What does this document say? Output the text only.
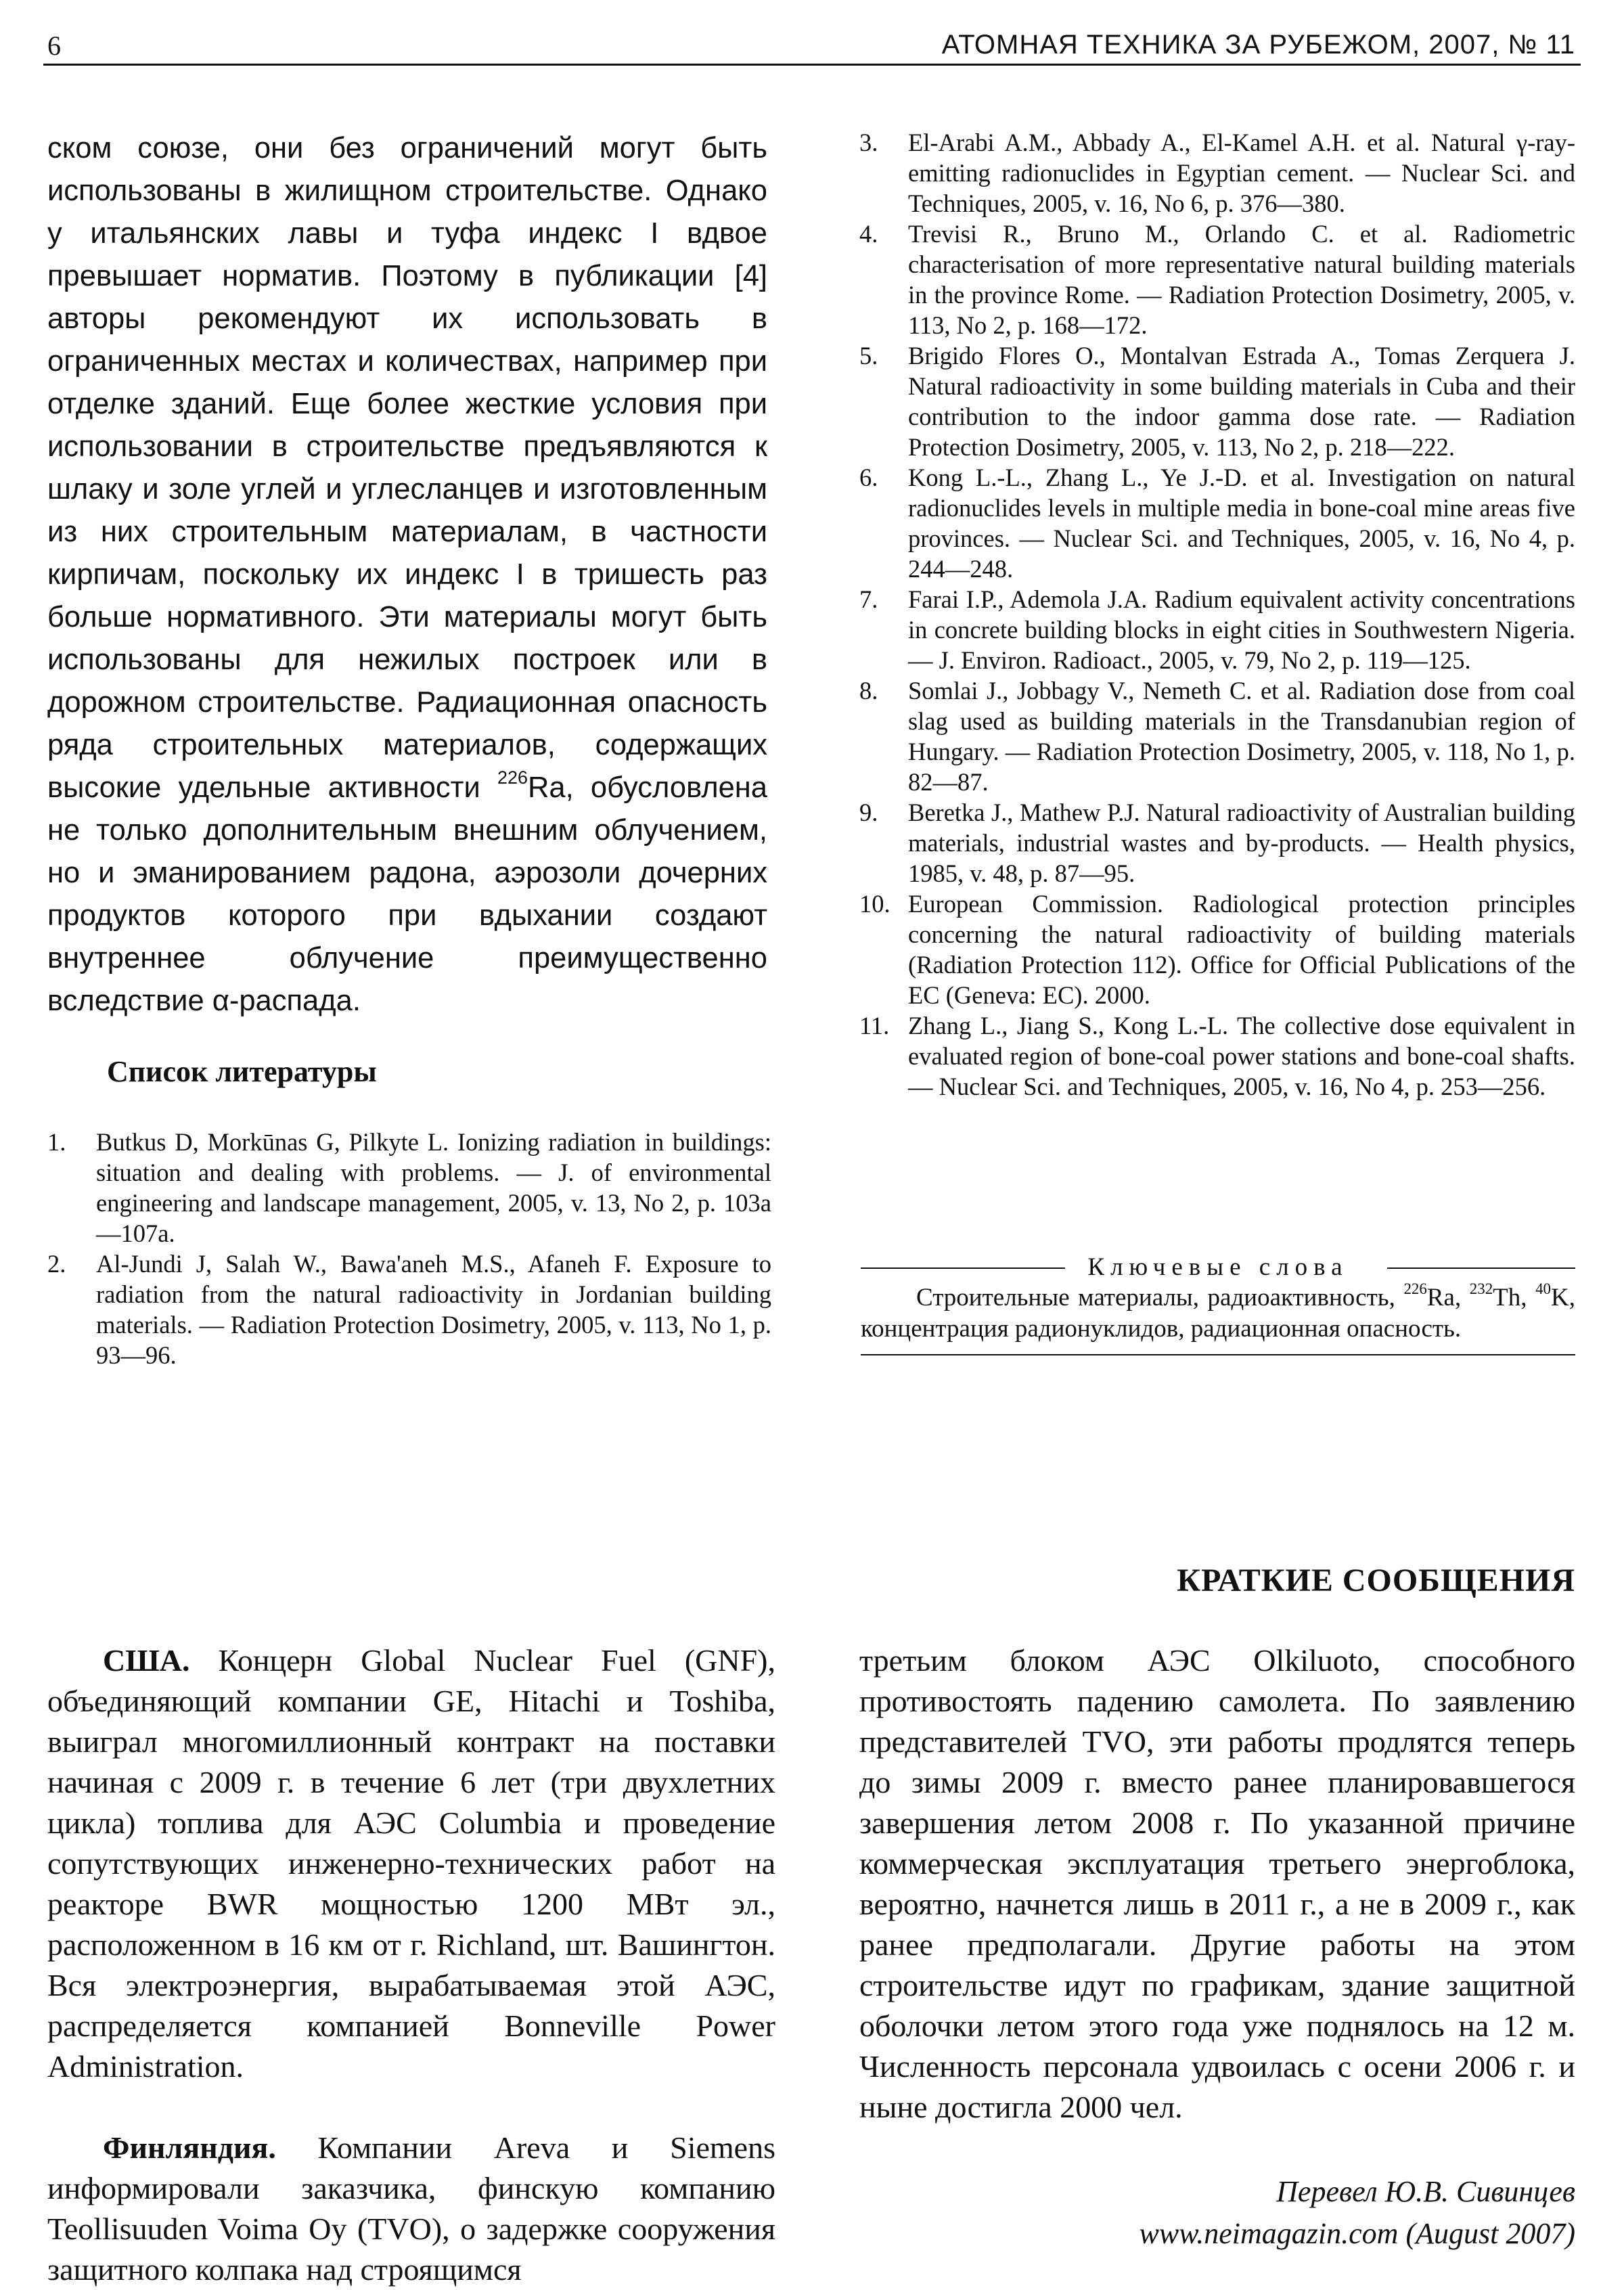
6	АТОМНАЯ ТЕХНИКА ЗА РУБЕЖОМ, 2007, № 11

ском союзе, они без ограничений могут быть использованы в жилищном строительстве. Однако у итальянских лавы и туфа индекс I вдвое превышает норматив. Поэтому в публикации [4] авторы рекомендуют их использовать в ограниченных местах и количествах, например при отделке зданий. Еще более жесткие условия при использовании в строительстве предъявляются к шлаку и золе углей и углесланцев и изготовленным из них строительным материалам, в частности кирпичам, поскольку их индекс I в тришесть раз больше нормативного. Эти материалы могут быть использованы для нежилых построек или в дорожном строительстве. Радиационная опасность ряда строительных материалов, содержащих высокие удельные активности $^{226}$Ra, обусловлена не только дополнительным внешним облучением, но и эманированием радона, аэрозоли дочерних продуктов которого при вдыхании создают внутреннее облучение преимущественно вследствие α-распада.

Список литературы
1. Butkus D, Morkūnas G, Pilkyte L. Ionizing radiation in buildings: situation and dealing with problems. — J. of environmental engineering and landscape management, 2005, v. 13, No 2, p. 103a—107a.
2. Al-Jundi J, Salah W., Bawa'aneh M.S., Afaneh F. Exposure to radiation from the natural radioactivity in Jordanian building materials. — Radiation Protection Dosimetry, 2005, v. 113, No 1, p. 93—96.
3. El-Arabi A.M., Abbady A., El-Kamel A.H. et al. Natural γ-ray-emitting radionuclides in Egyptian cement. — Nuclear Sci. and Techniques, 2005, v. 16, No 6, p. 376—380.
4. Trevisi R., Bruno M., Orlando C. et al. Radiometric characterisation of more representative natural building materials in the province Rome. — Radiation Protection Dosimetry, 2005, v. 113, No 2, p. 168—172.
5. Brigido Flores O., Montalvan Estrada A., Tomas Zerquera J. Natural radioactivity in some building materials in Cuba and their contribution to the indoor gamma dose rate. — Radiation Protection Dosimetry, 2005, v. 113, No 2, p. 218—222.
6. Kong L.-L., Zhang L., Ye J.-D. et al. Investigation on natural radionuclides levels in multiple media in bone-coal mine areas five provinces. — Nuclear Sci. and Techniques, 2005, v. 16, No 4, p. 244—248.
7. Farai I.P., Ademola J.A. Radium equivalent activity concentrations in concrete building blocks in eight cities in Southwestern Nigeria. — J. Environ. Radioact., 2005, v. 79, No 2, p. 119—125.
8. Somlai J., Jobbagy V., Nemeth C. et al. Radiation dose from coal slag used as building materials in the Transdanubian region of Hungary. — Radiation Protection Dosimetry, 2005, v. 118, No 1, p. 82—87.
9. Beretka J., Mathew P.J. Natural radioactivity of Australian building materials, industrial wastes and by-products. — Health physics, 1985, v. 48, p. 87—95.
10. European Commission. Radiological protection principles concerning the natural radioactivity of building materials (Radiation Protection 112). Office for Official Publications of the EC (Geneva: EC). 2000.
11. Zhang L., Jiang S., Kong L.-L. The collective dose equivalent in evaluated region of bone-coal power stations and bone-coal shafts. — Nuclear Sci. and Techniques, 2005, v. 16, No 4, p. 253—256.
Ключевые слова

Строительные материалы, радиоактивность, $^{226}$Ra, $^{232}$Th, $^{40}$K, концентрация радионуклидов, радиационная опасность.

КРАТКИЕ СООБЩЕНИЯ

США. Концерн Global Nuclear Fuel (GNF), объединяющий компании GE, Hitachi и Toshiba, выиграл многомиллионный контракт на поставки начиная с 2009 г. в течение 6 лет (три двухлетних цикла) топлива для АЭС Columbia и проведение сопутствующих инженерно-технических работ на реакторе BWR мощностью 1200 МВт эл., расположенном в 16 км от г. Richland, шт. Вашингтон. Вся электроэнергия, вырабатываемая этой АЭС, распределяется компанией Bonneville Power Administration.

Финляндия. Компании Areva и Siemens информировали заказчика, финскую компанию Teollisuuden Voima Oy (TVO), о задержке сооружения защитного колпака над строящимся

третьим блоком АЭС Olkiluoto, способного противостоять падению самолета. По заявлению представителей TVO, эти работы продлятся теперь до зимы 2009 г. вместо ранее планировавшегося завершения летом 2008 г. По указанной причине коммерческая эксплуатация третьего энергоблока, вероятно, начнется лишь в 2011 г., а не в 2009 г., как ранее предполагали. Другие работы на этом строительстве идут по графикам, здание защитной оболочки летом этого года уже поднялось на 12 м. Численность персонала удвоилась с осени 2006 г. и ныне достигла 2000 чел.

Перевел Ю.В. Сивинцев
www.neimagazin.com (August 2007)
